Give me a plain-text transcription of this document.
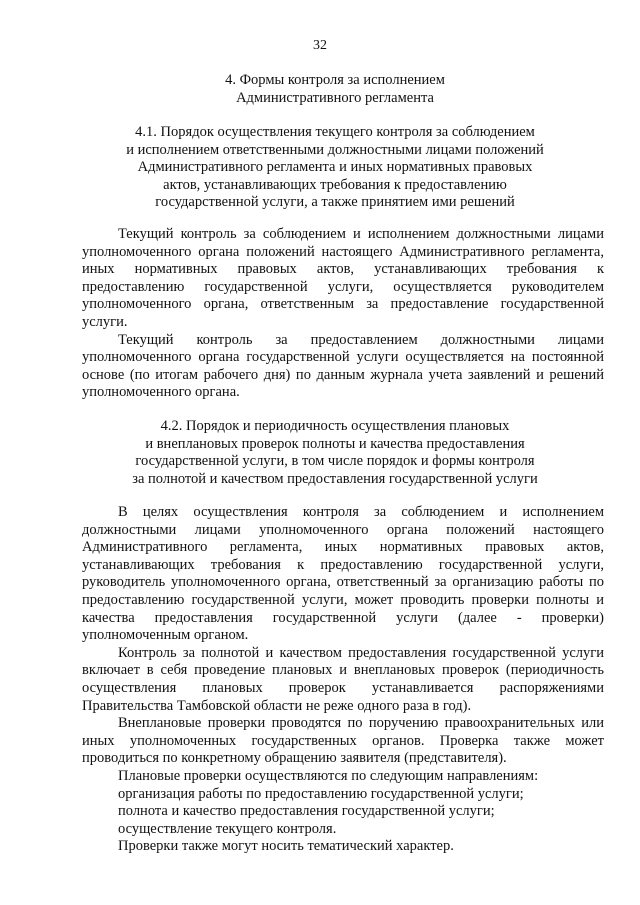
32
4. Формы контроля за исполнением
Административного регламента
4.1. Порядок осуществления текущего контроля за соблюдением
и исполнением ответственными должностными лицами положений
Административного регламента и иных нормативных правовых
актов, устанавливающих требования к предоставлению
государственной услуги, а также принятием ими решений

Текущий контроль за соблюдением и исполнением должностными лицами уполномоченного органа положений настоящего Административного регламента, иных нормативных правовых актов, устанавливающих требования к предоставлению государственной услуги, осуществляется руководителем уполномоченного органа, ответственным за предоставление государственной услуги.

Текущий контроль за предоставлением должностными лицами уполномоченного органа государственной услуги осуществляется на постоянной основе (по итогам рабочего дня) по данным журнала учета заявлений и решений уполномоченного органа.

4.2. Порядок и периодичность осуществления плановых
и внеплановых проверок полноты и качества предоставления
государственной услуги, в том числе порядок и формы контроля
за полнотой и качеством предоставления государственной услуги

В целях осуществления контроля за соблюдением и исполнением должностными лицами уполномоченного органа положений настоящего Административного регламента, иных нормативных правовых актов, устанавливающих требования к предоставлению государственной услуги, руководитель уполномоченного органа, ответственный за организацию работы по предоставлению государственной услуги, может проводить проверки полноты и качества предоставления государственной услуги (далее - проверки) уполномоченным органом.

Контроль за полнотой и качеством предоставления государственной услуги включает в себя проведение плановых и внеплановых проверок (периодичность осуществления плановых проверок устанавливается распоряжениями Правительства Тамбовской области не реже одного раза в год).

Внеплановые проверки проводятся по поручению правоохранительных или иных уполномоченных государственных органов. Проверка также может проводиться по конкретному обращению заявителя (представителя).

Плановые проверки осуществляются по следующим направлениям:

организация работы по предоставлению государственной услуги;

полнота и качество предоставления государственной услуги;

осуществление текущего контроля.

Проверки также могут носить тематический характер.
